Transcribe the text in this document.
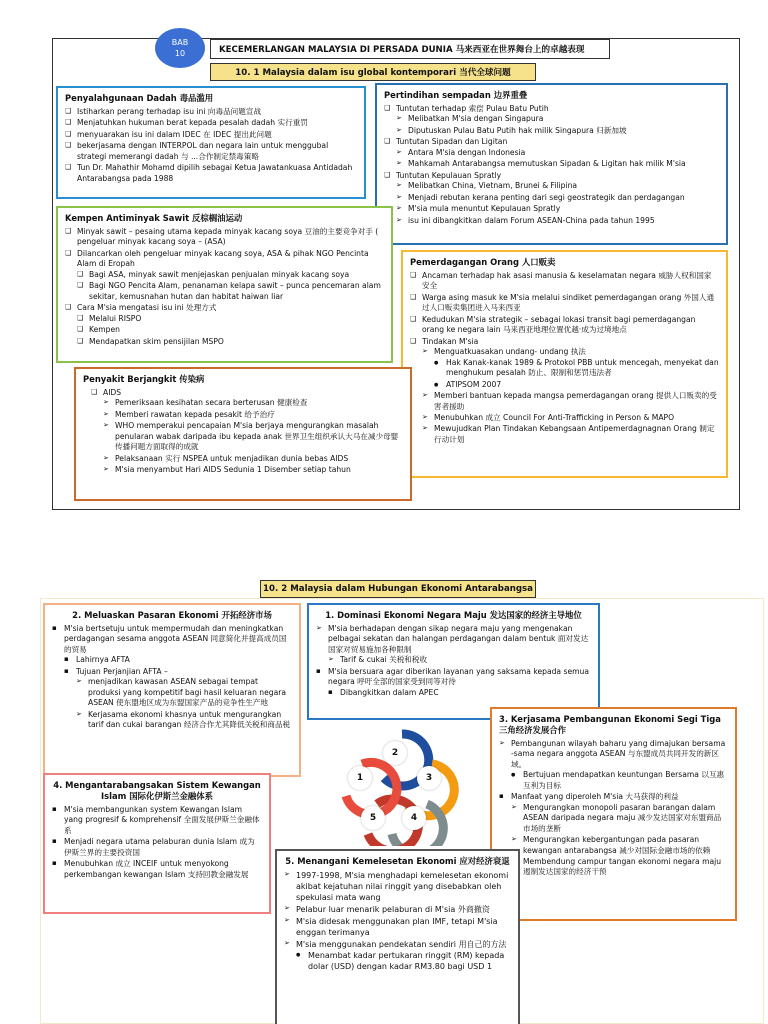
BAB
10	KECEMERLANGAN MALAYSIA DI PERSADA DUNIA 马来西亚在世界舞台上的卓越表现
10. 1 Malaysia dalam isu global kontemporari 当代全球问题
Penyalahgunaan Dadah 毒品滥用
❑ Istiharkan perang terhadap isu ini 向毒品问题宣战
❑ Menjatuhkan hukuman berat kepada pesalah dadah 实行重罚
❑ menyuarakan isu ini dalam IDEC 在 IDEC 提出此问题
❑ bekerjasama dengan INTERPOL dan negara lain untuk menggubal strategi memerangi dadah 与 ...合作制定禁毒策略
❑ Tun Dr. Mahathir Mohamd dipilih sebagai Ketua Jawatankuasa Antidadah Antarabangsa pada 1988
Pertindihan sempadan 边界重叠
❑ Tuntutan terhadap 索偿 Pulau Batu Putih
➢ Melibatkan M'sia dengan Singapura
➢ Diputuskan Pulau Batu Putih hak milik Singapura 归新加坡
❑ Tuntutan Sipadan dan Ligitan
➢ Antara M'sia dengan Indonesia
➢ Mahkamah Antarabangsa memutuskan Sipadan & Ligitan hak milik M'sia
❑ Tuntutan Kepulauan Spratly
➢ Melibatkan China, Vietnam, Brunei & Filipina
➢ Menjadi rebutan kerana penting dari segi geostrategik dan perdagangan
➢ M'sia mula menuntut Kepulauan Spratly
➢ isu ini dibangkitkan dalam Forum ASEAN-China pada tahun 1995
Kempen Antiminyak Sawit 反棕榈油运动
❑ Minyak sawit – pesaing utama kepada minyak kacang soya 豆油的主要竞争对手 ( pengeluar minyak kacang soya – (ASA)
❑ Dilancarkan oleh pengeluar minyak kacang soya, ASA & pihak NGO Pencinta Alam di Eropah
❑ Bagi ASA, minyak sawit menjejaskan penjualan minyak kacang soya
❑ Bagi NGO Pencita Alam, penanaman kelapa sawit – punca pencemaran alam sekitar, kemusnahan hutan dan habitat haiwan liar
❑ Cara M'sia mengatasi isu ini 处理方式
❑ Melalui RISPO
❑ Kempen
❑ Mendapatkan skim pensijilan MSPO
Pemerdagangan Orang 人口贩卖
❑ Ancaman terhadap hak asasi manusia & keselamatan negara 威胁人权和国家安全
❑ Warga asing masuk ke M'sia melalui sindiket pemerdagangan orang 外国人通过人口贩卖集团进入马来西亚
❑ Kedudukan M'sia strategik – sebagai lokasi transit bagi pemerdagangan orang ke negara lain 马来西亚地理位置优越·成为过境地点
❑ Tindakan M'sia
➢ Menguatkuasakan undang- undang 执法
● Hak Kanak-kanak 1989 & Protokol PBB untuk mencegah, menyekat dan menghukum pesalah 防止、限制和惩罚违法者
● ATIPSOM 2007
➢ Memberi bantuan kepada mangsa pemerdagangan orang 提供人口贩卖的受害者援助
➢ Menubuhkan 成立 Council For Anti-Trafficking in Person & MAPO
➢ Mewujudkan Plan Tindakan Kebangsaan Antipemerdagnagnan Orang 制定行动计划
Penyakit Berjangkit 传染病
❑ AIDS
➢ Pemeriksaan kesihatan secara berterusan 健康检查
➢ Memberi rawatan kepada pesakit 给予治疗
➢ WHO memperakui pencapaian M'sia berjaya mengurangkan masalah penularan wabak daripada ibu kepada anak 世界卫生组织承认大马在减少母婴传播问题方面取得的成就
➢ Pelaksanaan 实行 NSPEA untuk menjadikan dunia bebas AIDS
➢ M'sia menyambut Hari AIDS Sedunia 1 Disember setiap tahun
10. 2 Malaysia dalam Hubungan Ekonomi Antarabangsa
2. Meluaskan Pasaran Ekonomi 开拓经济市场
▪ M'sia bertsetuju untuk mempermudah dan meningkatkan perdagangan sesama anggota ASEAN 同意简化并提高成员国的贸易
▪ Lahirnya AFTA
▪ Tujuan Perjanjian AFTA –
➢ menjadikan kawasan ASEAN sebagai tempat produksi yang kompetitif bagi hasil keluaran negara ASEAN 使东盟地区成为东盟国家产品的竞争性生产地
➢ Kerjasama ekonomi khasnya untuk mengurangkan tarif dan cukai barangan 经济合作尤其降低关税和商品税
1. Dominasi Ekonomi Negara Maju 发达国家的经济主导地位
➢ M'sia berhadapan dengan sikap negara maju yang mengenakan pelbagai sekatan dan halangan perdagangan dalam bentuk 面对发达国家对贸易施加各种限制
➢ Tarif & cukai 关税和税收
▪ M'sia bersuara agar diberikan layanan yang saksama kepada semua negara 呼吁全部的国家受到同等对待
▪ Dibangkitkan dalam APEC
3. Kerjasama Pembangunan Ekonomi Segi Tiga 三角经济发展合作
➢ Pembangunan wilayah baharu yang dimajukan bersama -sama negara anggota ASEAN 与东盟成员共同开发的新区域。
● Bertujuan mendapatkan keuntungan Bersama 以互惠互利为目标
▪ Manfaat yang diperoleh M'sia 大马获得的利益
➢ Mengurangkan monopoli pasaran barangan dalam ASEAN daripada negara maju 减少发达国家对东盟商品市场的垄断
➢ Mengurangkan kebergantungan pada pasaran kewangan antarabangsa 减少对国际金融市场的依赖
➢ Membendung campur tangan ekonomi negara maju 遏制发达国家的经济干预
4. Mengantarabangsakan Sistem Kewangan Islam 国际化伊斯兰金融体系
▪ M'sia membangunkan system Kewangan Islam yang progresif & komprehensif 全面发展伊斯兰金融体系
▪ Menjadi negara utama pelaburan dunia Islam 成为伊斯兰界的主要投资国
▪ Menubuhkan 成立 INCEIF untuk menyokong perkembangan kewangan Islam 支持回教金融发展
5. Menangani Kemelesetan Ekonomi 应对经济衰退
➢ 1997-1998, M'sia menghadapi kemelesetan ekonomi akibat kejatuhan nilai ringgit yang disebabkan oleh spekulasi mata wang
➢ Pelabur luar menarik pelaburan di M'sia 外商撤资
➢ M'sia didesak menggunakan plan IMF, tetapi M'sia enggan terimanya
➢ M'sia menggunakan pendekatan sendiri 用自己的方法
● Menambat kadar pertukaran ringgit (RM) kepada dolar (USD) dengan kadar RM3.80 bagi USD 1
2
1	3
5	4
